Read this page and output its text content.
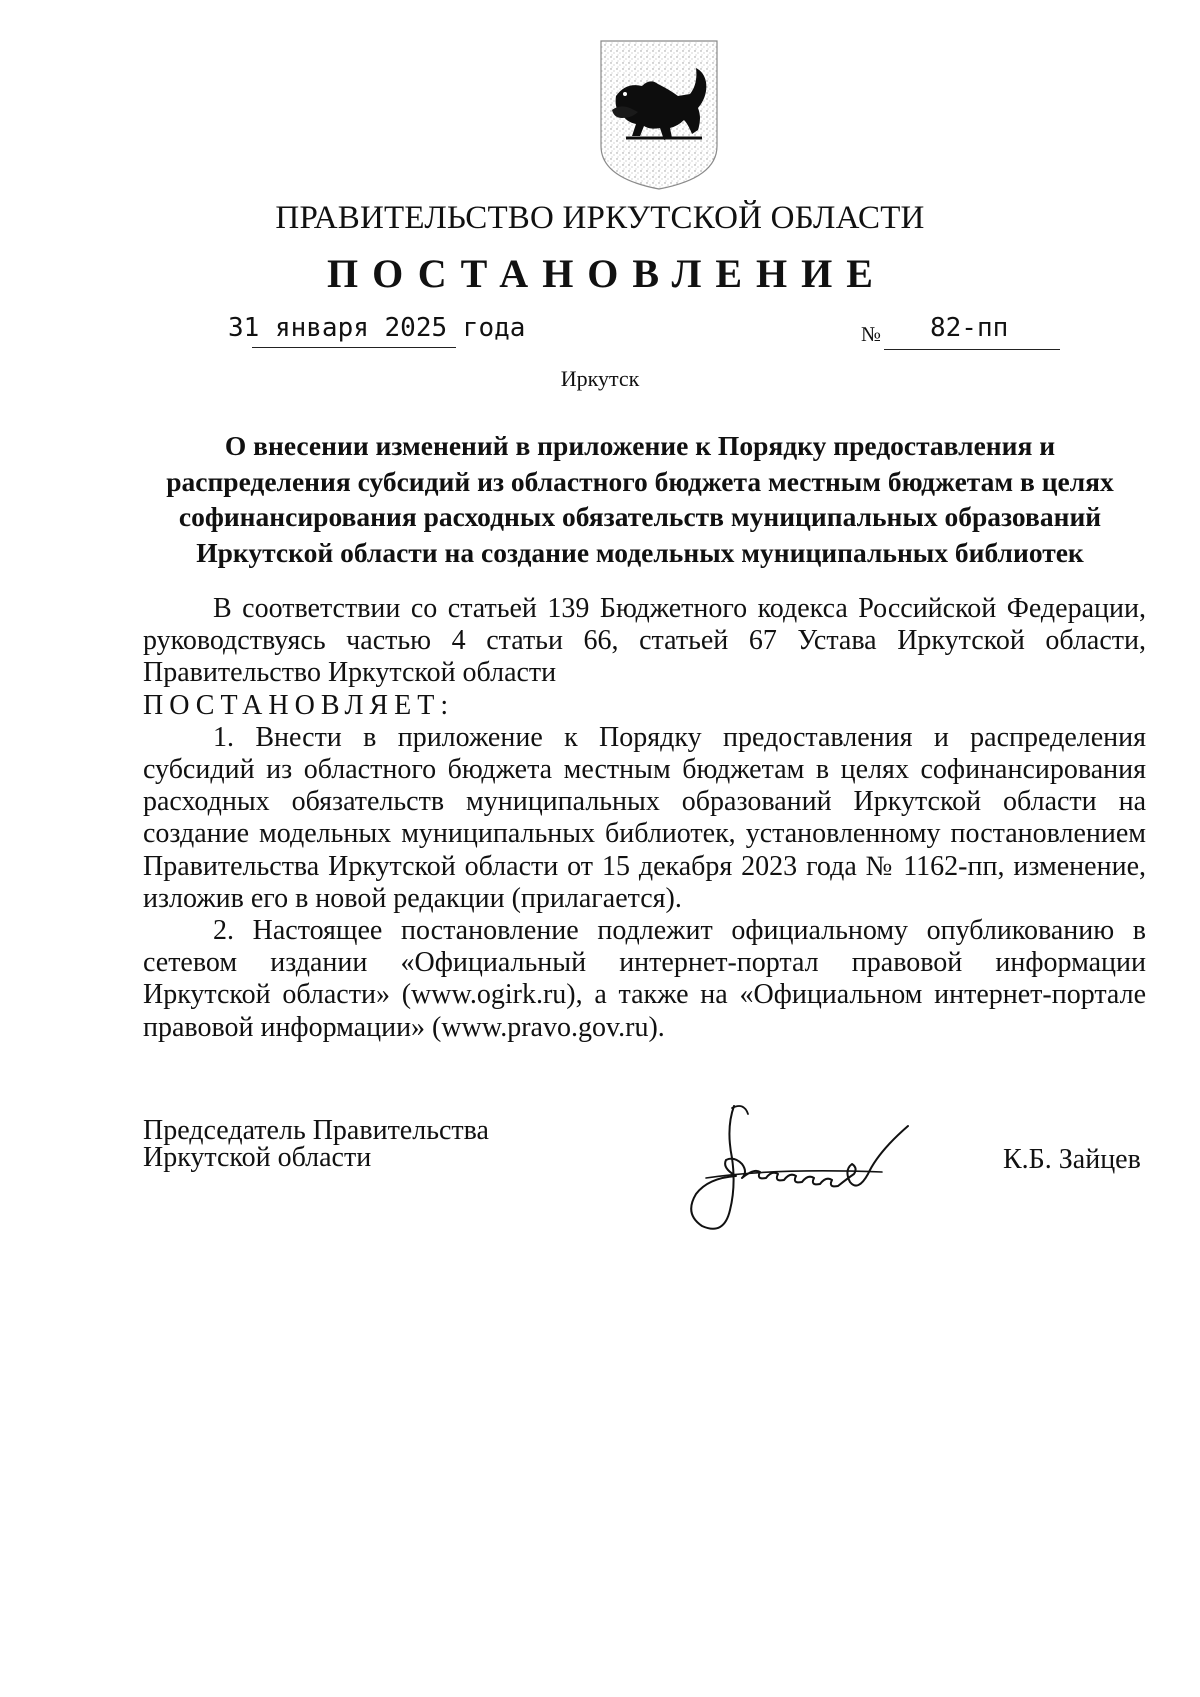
ПРАВИТЕЛЬСТВО ИРКУТСКОЙ ОБЛАСТИ
ПОСТАНОВЛЕНИЕ
31 января 2025 года	№ 82-пп
Иркутск
О внесении изменений в приложение к Порядку предоставления и
распределения субсидий из областного бюджета местным бюджетам в целях
софинансирования расходных обязательств муниципальных образований
Иркутской области на создание модельных муниципальных библиотек

В соответствии со статьей 139 Бюджетного кодекса Российской Федерации, руководствуясь частью 4 статьи 66, статьей 67 Устава Иркутской области, Правительство Иркутской области

ПОСТАНОВЛЯЕТ:

1. Внести в приложение к Порядку предоставления и распределения субсидий из областного бюджета местным бюджетам в целях софинансирования расходных обязательств муниципальных образований Иркутской области на создание модельных муниципальных библиотек, установленному постановлением Правительства Иркутской области от 15 декабря 2023 года № 1162-пп, изменение, изложив его в новой редакции (прилагается).

2. Настоящее постановление подлежит официальному опубликованию в сетевом издании «Официальный интернет-портал правовой информации Иркутской области» (www.ogirk.ru), а также на «Официальном интернет-портале правовой информации» (www.pravo.gov.ru).

Председатель Правительства
Иркутской области	К.Б. Зайцев
